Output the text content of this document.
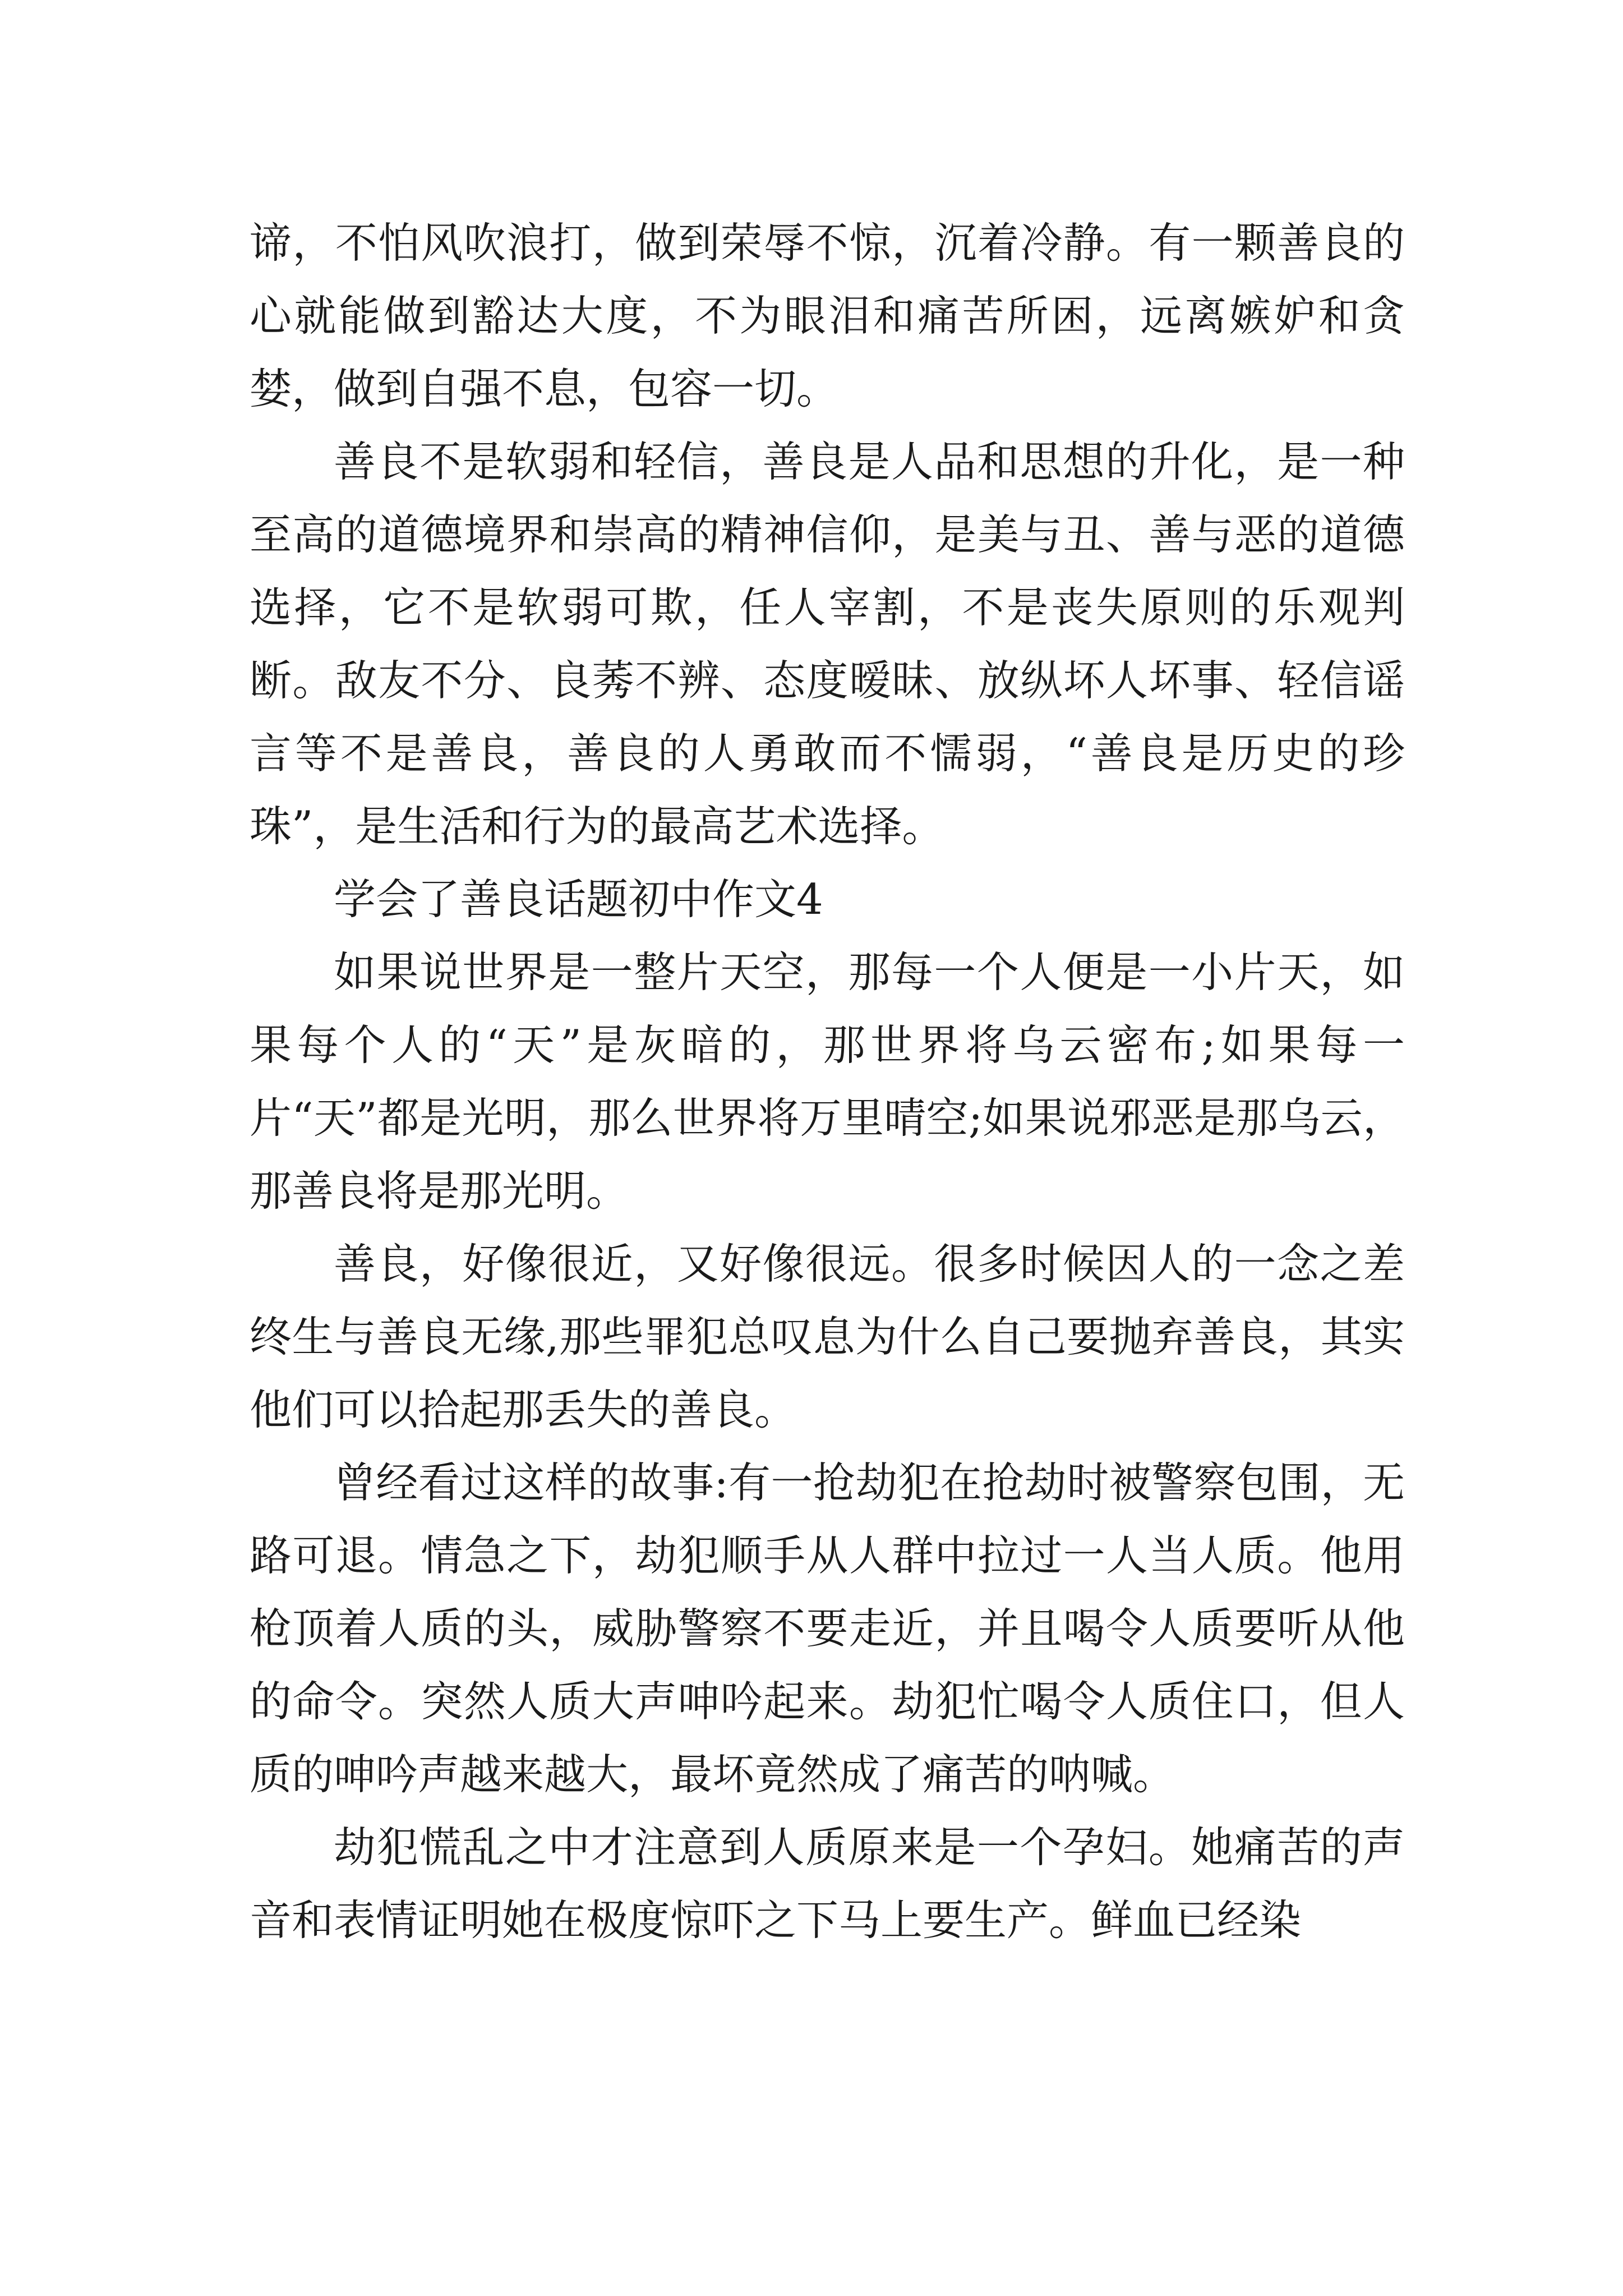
谛，不怕风吹浪打，做到荣辱不惊，沉着冷静。有一颗善良的心就能做到豁达大度，不为眼泪和痛苦所困，远离嫉妒和贪婪，做到自强不息，包容一切。

善良不是软弱和轻信，善良是人品和思想的升化，是一种至高的道德境界和崇高的精神信仰，是美与丑、善与恶的道德选择，它不是软弱可欺，任人宰割，不是丧失原则的乐观判断。敌友不分、良莠不辨、态度暧昧、放纵坏人坏事、轻信谣言等不是善良，善良的人勇敢而不懦弱，“善良是历史的珍珠”，是生活和行为的最高艺术选择。

学会了善良话题初中作文4

如果说世界是一整片天空，那每一个人便是一小片天，如果每个人的“天”是灰暗的，那世界将乌云密布;如果每一片“天”都是光明，那么世界将万里晴空;如果说邪恶是那乌云，那善良将是那光明。

善良，好像很近，又好像很远。很多时候因人的一念之差终生与善良无缘,那些罪犯总叹息为什么自己要抛弃善良，其实他们可以拾起那丢失的善良。

曾经看过这样的故事:有一抢劫犯在抢劫时被警察包围，无路可退。情急之下，劫犯顺手从人群中拉过一人当人质。他用枪顶着人质的头，威胁警察不要走近，并且喝令人质要听从他的命令。突然人质大声呻吟起来。劫犯忙喝令人质住口，但人质的呻吟声越来越大，最坏竟然成了痛苦的呐喊。

劫犯慌乱之中才注意到人质原来是一个孕妇。她痛苦的声音和表情证明她在极度惊吓之下马上要生产。鲜血已经染
